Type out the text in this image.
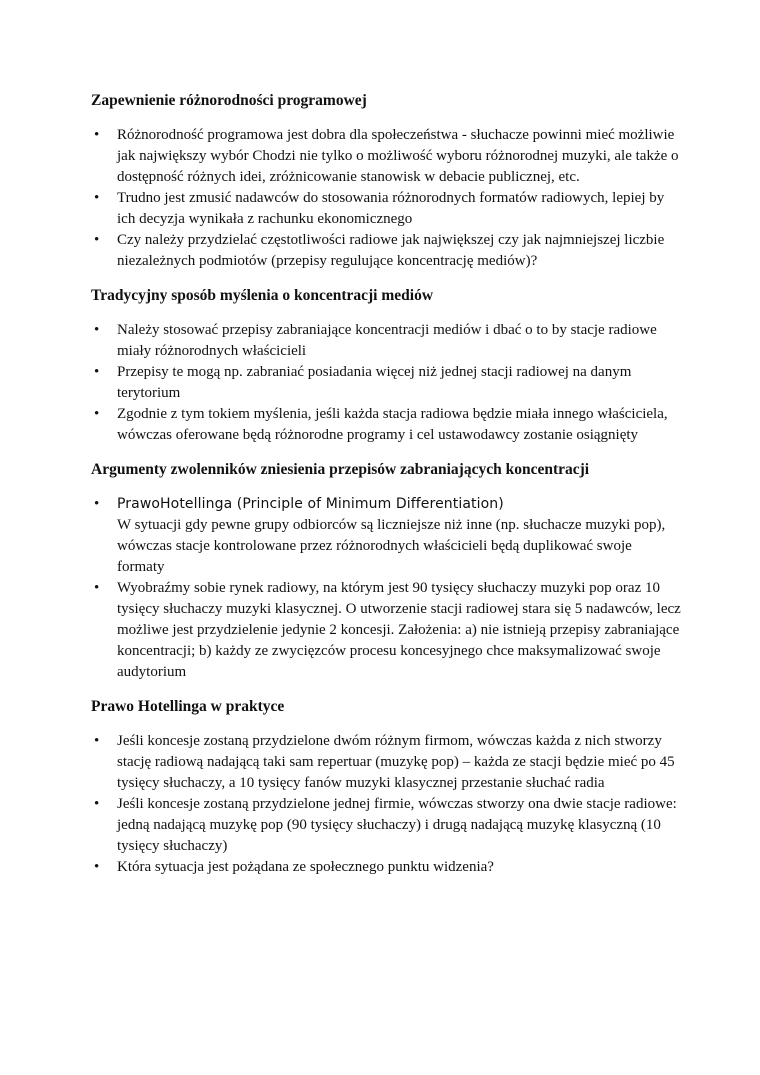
Zapewnienie różnorodności programowej
• Różnorodność programowa jest dobra dla społeczeństwa - słuchacze powinni mieć możliwie jak największy wybór Chodzi nie tylko o możliwość wyboru różnorodnej muzyki, ale także o dostępność różnych idei, zróżnicowanie stanowisk w debacie publicznej, etc.
• Trudno jest zmusić nadawców do stosowania różnorodnych formatów radiowych, lepiej by ich decyzja wynikała z rachunku ekonomicznego
• Czy należy przydzielać częstotliwości radiowe jak największej czy jak najmniejszej liczbie niezależnych podmiotów (przepisy regulujące koncentrację mediów)?
Tradycyjny sposób myślenia o koncentracji mediów
• Należy stosować przepisy zabraniające koncentracji mediów i dbać o to by stacje radiowe miały różnorodnych właścicieli
• Przepisy te mogą np. zabraniać posiadania więcej niż jednej stacji radiowej na danym terytorium
• Zgodnie z tym tokiem myślenia, jeśli każda stacja radiowa będzie miała innego właściciela, wówczas oferowane będą różnorodne programy i cel ustawodawcy zostanie osiągnięty
Argumenty zwolenników zniesienia przepisów zabraniających koncentracji
• PrawoHotellinga (Principle of Minimum Differentiation)
W sytuacji gdy pewne grupy odbiorców są liczniejsze niż inne (np. słuchacze muzyki pop), wówczas stacje kontrolowane przez różnorodnych właścicieli będą duplikować swoje formaty
• Wyobraźmy sobie rynek radiowy, na którym jest 90 tysięcy słuchaczy muzyki pop oraz 10 tysięcy słuchaczy muzyki klasycznej. O utworzenie stacji radiowej stara się 5 nadawców, lecz możliwe jest przydzielenie jedynie 2 koncesji. Założenia: a) nie istnieją przepisy zabraniające koncentracji; b) każdy ze zwycięzców procesu koncesyjnego chce maksymalizować swoje audytorium
Prawo Hotellinga w praktyce
• Jeśli koncesje zostaną przydzielone dwóm różnym firmom, wówczas każda z nich stworzy stację radiową nadającą taki sam repertuar (muzykę pop) – każda ze stacji będzie mieć po 45 tysięcy słuchaczy, a 10 tysięcy fanów muzyki klasycznej przestanie słuchać radia
• Jeśli koncesje zostaną przydzielone jednej firmie, wówczas stworzy ona dwie stacje radiowe: jedną nadającą muzykę pop (90 tysięcy słuchaczy) i drugą nadającą muzykę klasyczną (10 tysięcy słuchaczy)
• Która sytuacja jest pożądana ze społecznego punktu widzenia?
